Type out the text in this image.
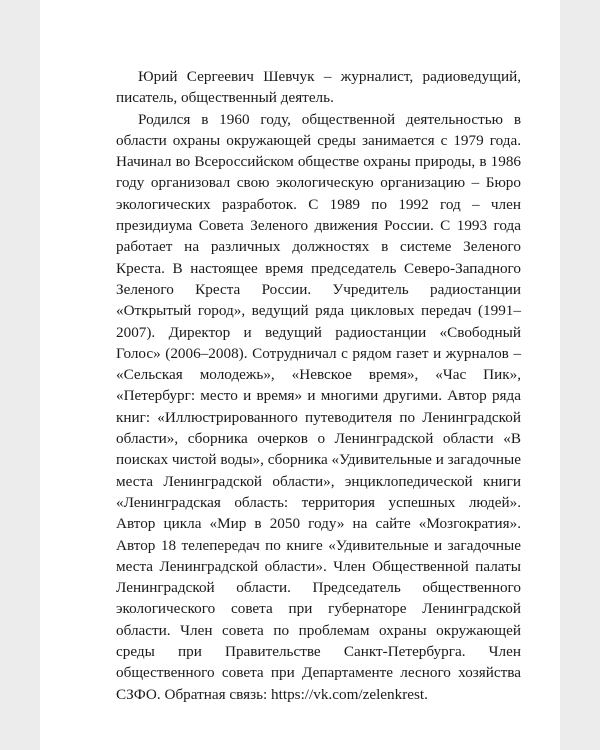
Юрий Сергеевич Шевчук – журналист, радиоведущий, писатель, общественный деятель.

Родился в 1960 году, общественной деятельностью в области охраны окружающей среды занимается с 1979 года. Начинал во Всероссийском обществе охраны природы, в 1986 году организовал свою экологическую организацию – Бюро экологических разработок. С 1989 по 1992 год – член президиума Совета Зеленого движения России. С 1993 года работает на различных должностях в системе Зеленого Креста. В настоящее время председатель Северо-Западного Зеленого Креста России. Учредитель радиостанции «Открытый город», ведущий ряда цикловых передач (1991–2007). Директор и ведущий радиостанции «Свободный Голос» (2006–2008). Сотрудничал с рядом газет и журналов – «Сельская молодежь», «Невское время», «Час Пик», «Петербург: место и время» и многими другими. Автор ряда книг: «Иллюстрированного путеводителя по Ленинградской области», сборника очерков о Ленинградской области «В поисках чистой воды», сборника «Удивительные и загадочные места Ленинградской области», энциклопедической книги «Ленинградская область: территория успешных людей». Автор цикла «Мир в 2050 году» на сайте «Мозгократия». Автор 18 телепередач по книге «Удивительные и загадочные места Ленинградской области». Член Общественной палаты Ленинградской области. Председатель общественного экологического совета при губернаторе Ленинградской области. Член совета по проблемам охраны окружающей среды при Правительстве Санкт-Петербурга. Член общественного совета при Департаменте лесного хозяйства СЗФО. Обратная связь: https://vk.com/zelenkrest.
